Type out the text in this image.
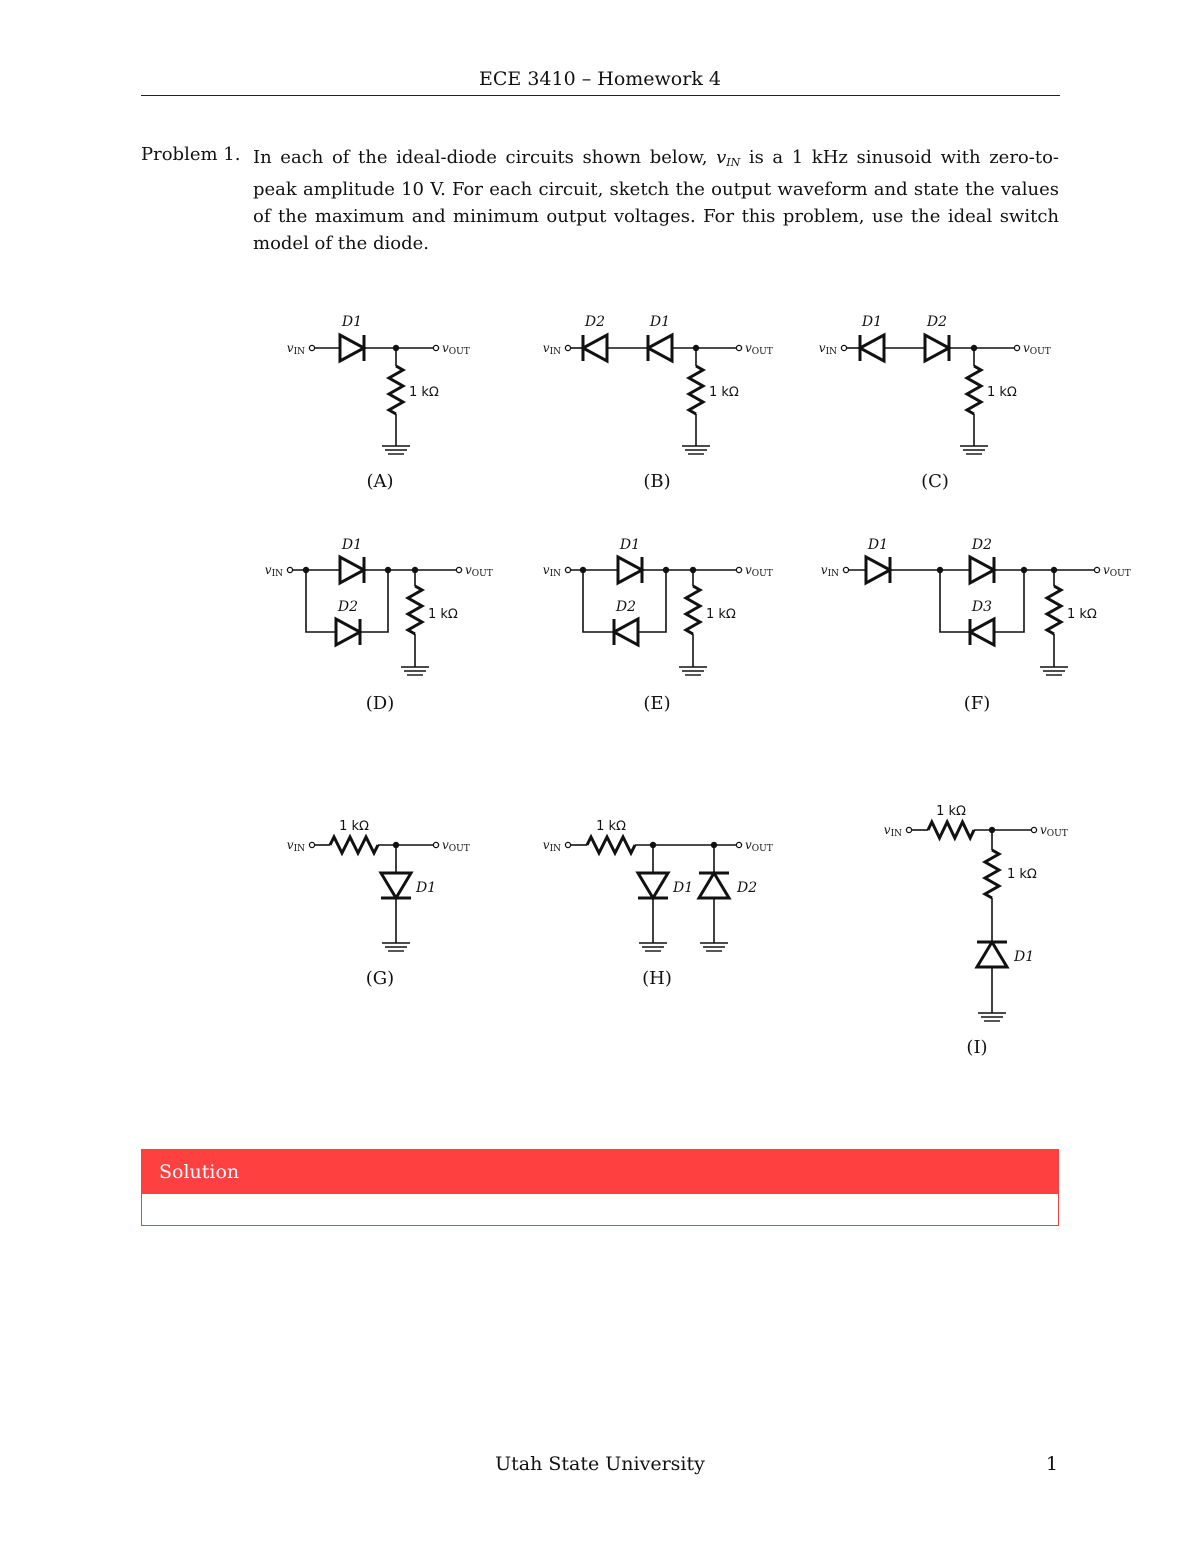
ECE 3410 – Homework 4
Problem 1. In each of the ideal-diode circuits shown below, $v_{IN}$ is a 1 kHz sinusoid with zero-to-peak amplitude 10 V. For each circuit, sketch the output waveform and state the values of the maximum and minimum output voltages. For this problem, use the ideal switch model of the diode.
vIN	vOUT
1 kΩ
D1
(A)
vIN	vOUT
1 kΩ
D2	D1
(B)
vIN	vOUT
1 kΩ
D1	D2
(C)
vIN	vOUT
1 kΩ
D1
D2
(D)
vIN	vOUT
1 kΩ
D1
D2
(E)
vIN	vOUT
1 kΩ
D1	D2
D3
(F)
vIN	vOUT
1 kΩ
D1
(G)
vIN	vOUT
1 kΩ
D1	D2
(H)
vIN	vOUT
1 kΩ
1 kΩ
D1
(I)
Solution
Utah State University	1
